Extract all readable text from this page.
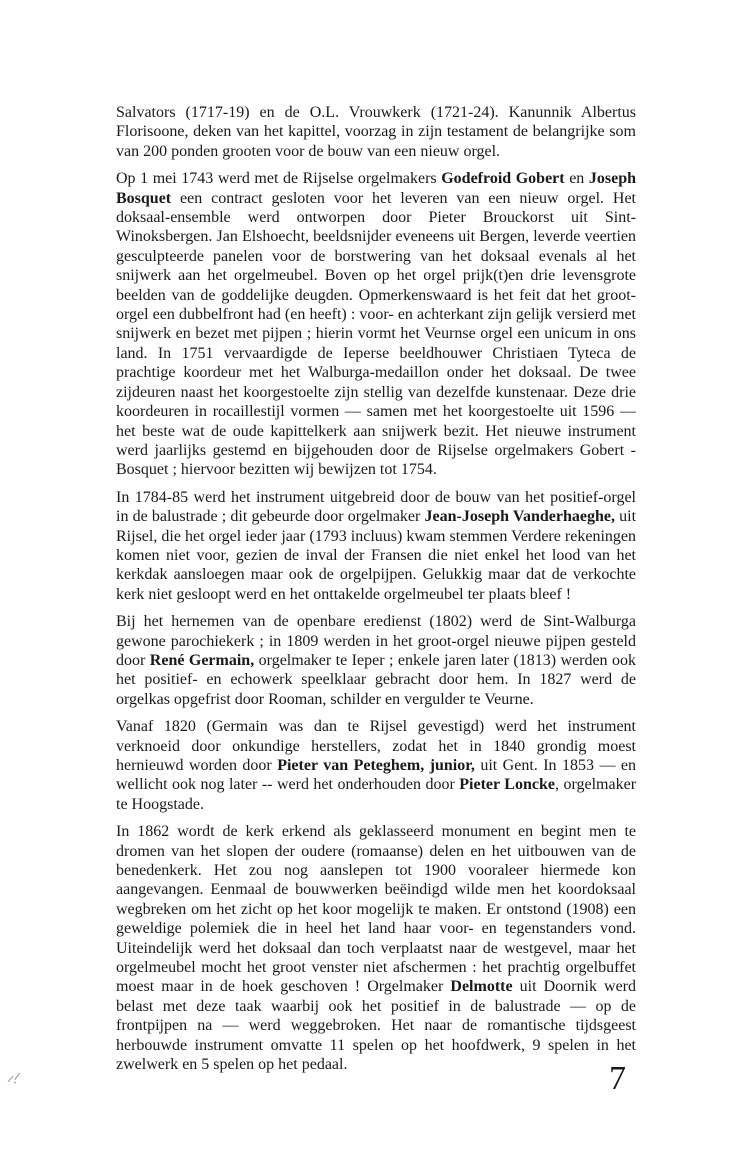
Salvators (1717-19) en de O.L. Vrouwkerk (1721-24). Kanunnik Albertus Florisoone, deken van het kapittel, voorzag in zijn testament de belangrijke som van 200 ponden grooten voor de bouw van een nieuw orgel.

Op 1 mei 1743 werd met de Rijselse orgelmakers Godefroid Gobert en Joseph Bosquet een contract gesloten voor het leveren van een nieuw orgel. Het doksaal-ensemble werd ontworpen door Pieter Brouckorst uit Sint-Winoksbergen. Jan Elshoecht, beeldsnijder eveneens uit Bergen, leverde veertien gesculpteerde panelen voor de borstwering van het doksaal evenals al het snijwerk aan het orgelmeubel. Boven op het orgel prijk(t)en drie levensgrote beelden van de goddelijke deugden. Opmerkenswaard is het feit dat het groot-orgel een dubbelfront had (en heeft) : voor- en achterkant zijn gelijk versierd met snijwerk en bezet met pijpen ; hierin vormt het Veurnse orgel een unicum in ons land. In 1751 vervaardigde de Ieperse beeldhouwer Christiaen Tyteca de prachtige koordeur met het Walburga-medaillon onder het doksaal. De twee zijdeuren naast het koorgestoelte zijn stellig van dezelfde kunstenaar. Deze drie koordeuren in rocaillestijl vormen — samen met het koorgestoelte uit 1596 — het beste wat de oude kapittelkerk aan snijwerk bezit. Het nieuwe instrument werd jaarlijks gestemd en bijgehouden door de Rijselse orgelmakers Gobert - Bosquet ; hiervoor bezitten wij bewijzen tot 1754.

In 1784-85 werd het instrument uitgebreid door de bouw van het positief-orgel in de balustrade ; dit gebeurde door orgelmaker Jean-Joseph Vanderhaeghe, uit Rijsel, die het orgel ieder jaar (1793 incluus) kwam stemmen Verdere rekeningen komen niet voor, gezien de inval der Fransen die niet enkel het lood van het kerkdak aansloegen maar ook de orgelpijpen. Gelukkig maar dat de verkochte kerk niet gesloopt werd en het onttakelde orgelmeubel ter plaats bleef !

Bij het hernemen van de openbare eredienst (1802) werd de Sint-Walburga gewone parochiekerk ; in 1809 werden in het groot-orgel nieuwe pijpen gesteld door René Germain, orgelmaker te Ieper ; enkele jaren later (1813) werden ook het positief- en echowerk speelklaar gebracht door hem. In 1827 werd de orgelkas opgefrist door Rooman, schilder en vergulder te Veurne.

Vanaf 1820 (Germain was dan te Rijsel gevestigd) werd het instrument verknoeid door onkundige herstellers, zodat het in 1840 grondig moest hernieuwd worden door Pieter van Peteghem, junior, uit Gent. In 1853 — en wellicht ook nog later -- werd het onderhouden door Pieter Loncke, orgelmaker te Hoogstade.

In 1862 wordt de kerk erkend als geklasseerd monument en begint men te dromen van het slopen der oudere (romaanse) delen en het uitbouwen van de benedenkerk. Het zou nog aanslepen tot 1900 vooraleer hiermede kon aangevangen. Eenmaal de bouwwerken beëindigd wilde men het koordoksaal wegbreken om het zicht op het koor mogelijk te maken. Er ontstond (1908) een geweldige polemiek die in heel het land haar voor- en tegenstanders vond. Uiteindelijk werd het doksaal dan toch verplaatst naar de westgevel, maar het orgelmeubel mocht het groot venster niet afschermen : het prachtig orgelbuffet moest maar in de hoek geschoven ! Orgelmaker Delmotte uit Doornik werd belast met deze taak waarbij ook het positief in de balustrade — op de frontpijpen na — werd weggebroken. Het naar de romantische tijdsgeest herbouwde instrument omvatte 11 spelen op het hoofdwerk, 9 spelen in het zwelwerk en 5 spelen op het pedaal.	7
